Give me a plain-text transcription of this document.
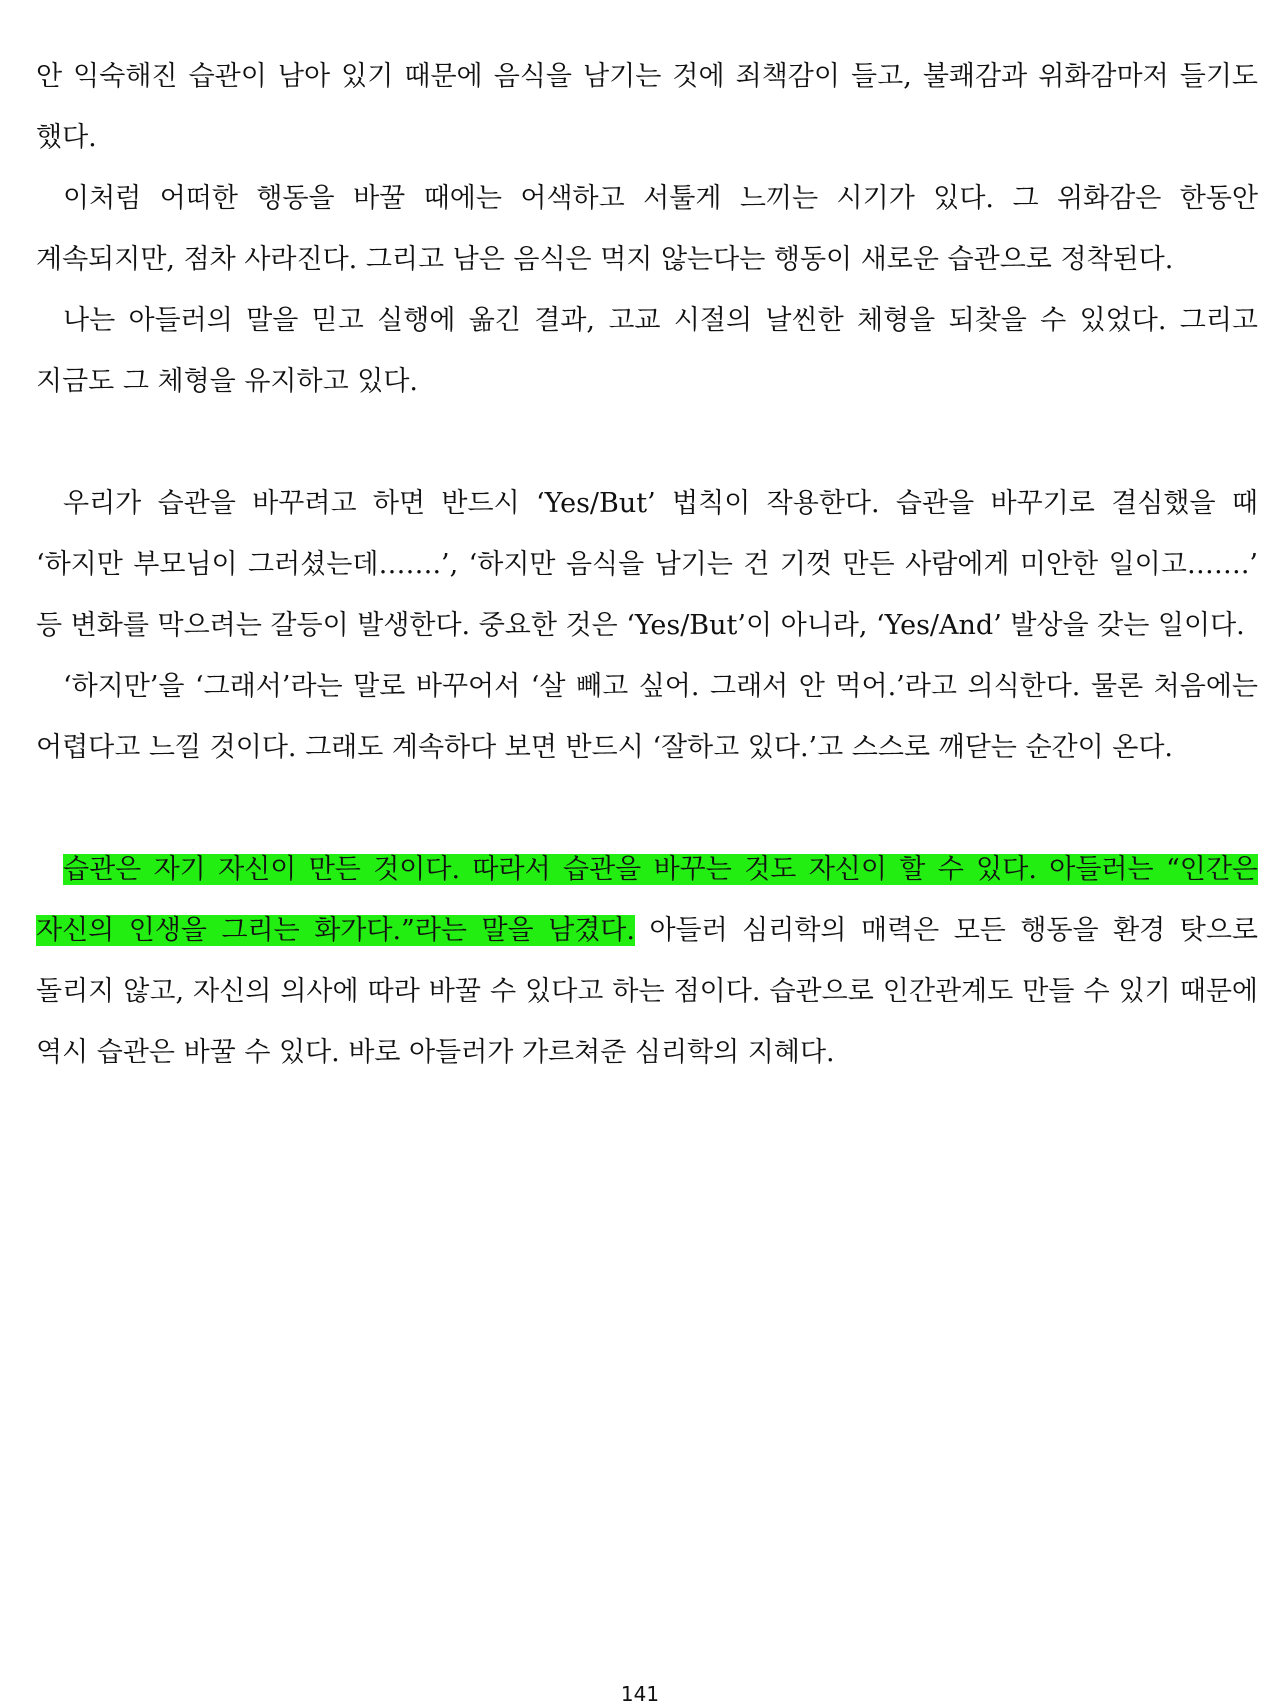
안 익숙해진 습관이 남아 있기 때문에 음식을 남기는 것에 죄책감이 들고, 불쾌감과 위화감마저 들기도 했다.

이처럼 어떠한 행동을 바꿀 때에는 어색하고 서툴게 느끼는 시기가 있다. 그 위화감은 한동안 계속되지만, 점차 사라진다. 그리고 남은 음식은 먹지 않는다는 행동이 새로운 습관으로 정착된다.

나는 아들러의 말을 믿고 실행에 옮긴 결과, 고교 시절의 날씬한 체형을 되찾을 수 있었다. 그리고 지금도 그 체형을 유지하고 있다.

우리가 습관을 바꾸려고 하면 반드시 ‘Yes/But’ 법칙이 작용한다. 습관을 바꾸기로 결심했을 때 ‘하지만 부모님이 그러셨는데…….’, ‘하지만 음식을 남기는 건 기껏 만든 사람에게 미안한 일이고…….’ 등 변화를 막으려는 갈등이 발생한다. 중요한 것은 ‘Yes/But’이 아니라, ‘Yes/And’ 발상을 갖는 일이다.

‘하지만’을 ‘그래서’라는 말로 바꾸어서 ‘살 빼고 싶어. 그래서 안 먹어.’라고 의식한다. 물론 처음에는 어렵다고 느낄 것이다. 그래도 계속하다 보면 반드시 ‘잘하고 있다.’고 스스로 깨닫는 순간이 온다.

습관은 자기 자신이 만든 것이다. 따라서 습관을 바꾸는 것도 자신이 할 수 있다. 아들러는 “인간은 자신의 인생을 그리는 화가다.”라는 말을 남겼다. 아들러 심리학의 매력은 모든 행동을 환경 탓으로 돌리지 않고, 자신의 의사에 따라 바꿀 수 있다고 하는 점이다. 습관으로 인간관계도 만들 수 있기 때문에 역시 습관은 바꿀 수 있다. 바로 아들러가 가르쳐준 심리학의 지혜다.

141
